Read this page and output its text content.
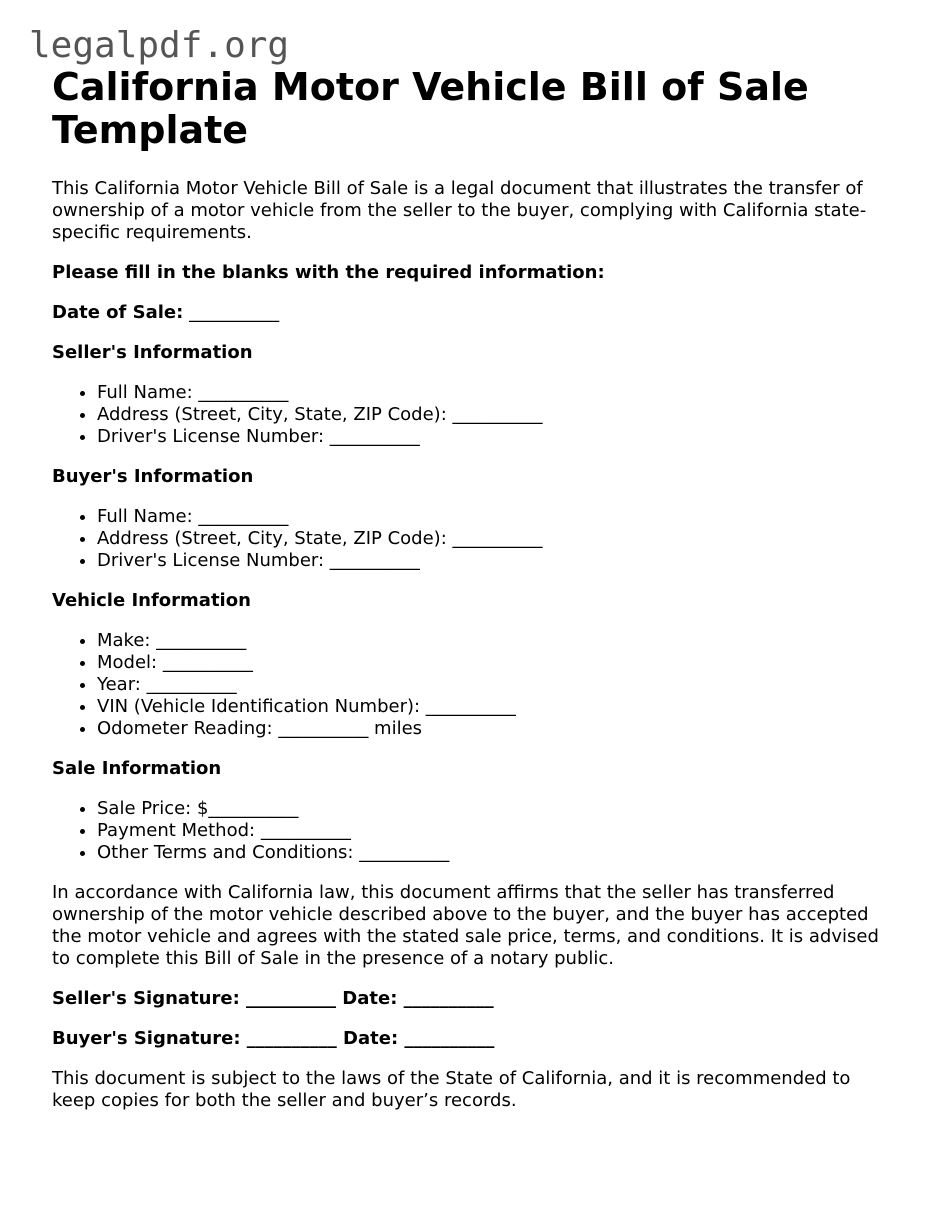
legalpdf.org
California Motor Vehicle Bill of Sale Template

This California Motor Vehicle Bill of Sale is a legal document that illustrates the transfer of ownership of a motor vehicle from the seller to the buyer, complying with California state-specific requirements.

Please fill in the blanks with the required information:

Date of Sale: __________

Seller's Information
• Full Name: __________
• Address (Street, City, State, ZIP Code): __________
• Driver's License Number: __________
Buyer's Information
• Full Name: __________
• Address (Street, City, State, ZIP Code): __________
• Driver's License Number: __________
Vehicle Information
• Make: __________
• Model: __________
• Year: __________
• VIN (Vehicle Identification Number): __________
• Odometer Reading: __________ miles
Sale Information
• Sale Price: $__________
• Payment Method: __________
• Other Terms and Conditions: __________

In accordance with California law, this document affirms that the seller has transferred ownership of the motor vehicle described above to the buyer, and the buyer has accepted the motor vehicle and agrees with the stated sale price, terms, and conditions. It is advised to complete this Bill of Sale in the presence of a notary public.

Seller's Signature: __________ Date: __________

Buyer's Signature: __________ Date: __________

This document is subject to the laws of the State of California, and it is recommended to keep copies for both the seller and buyer’s records.
